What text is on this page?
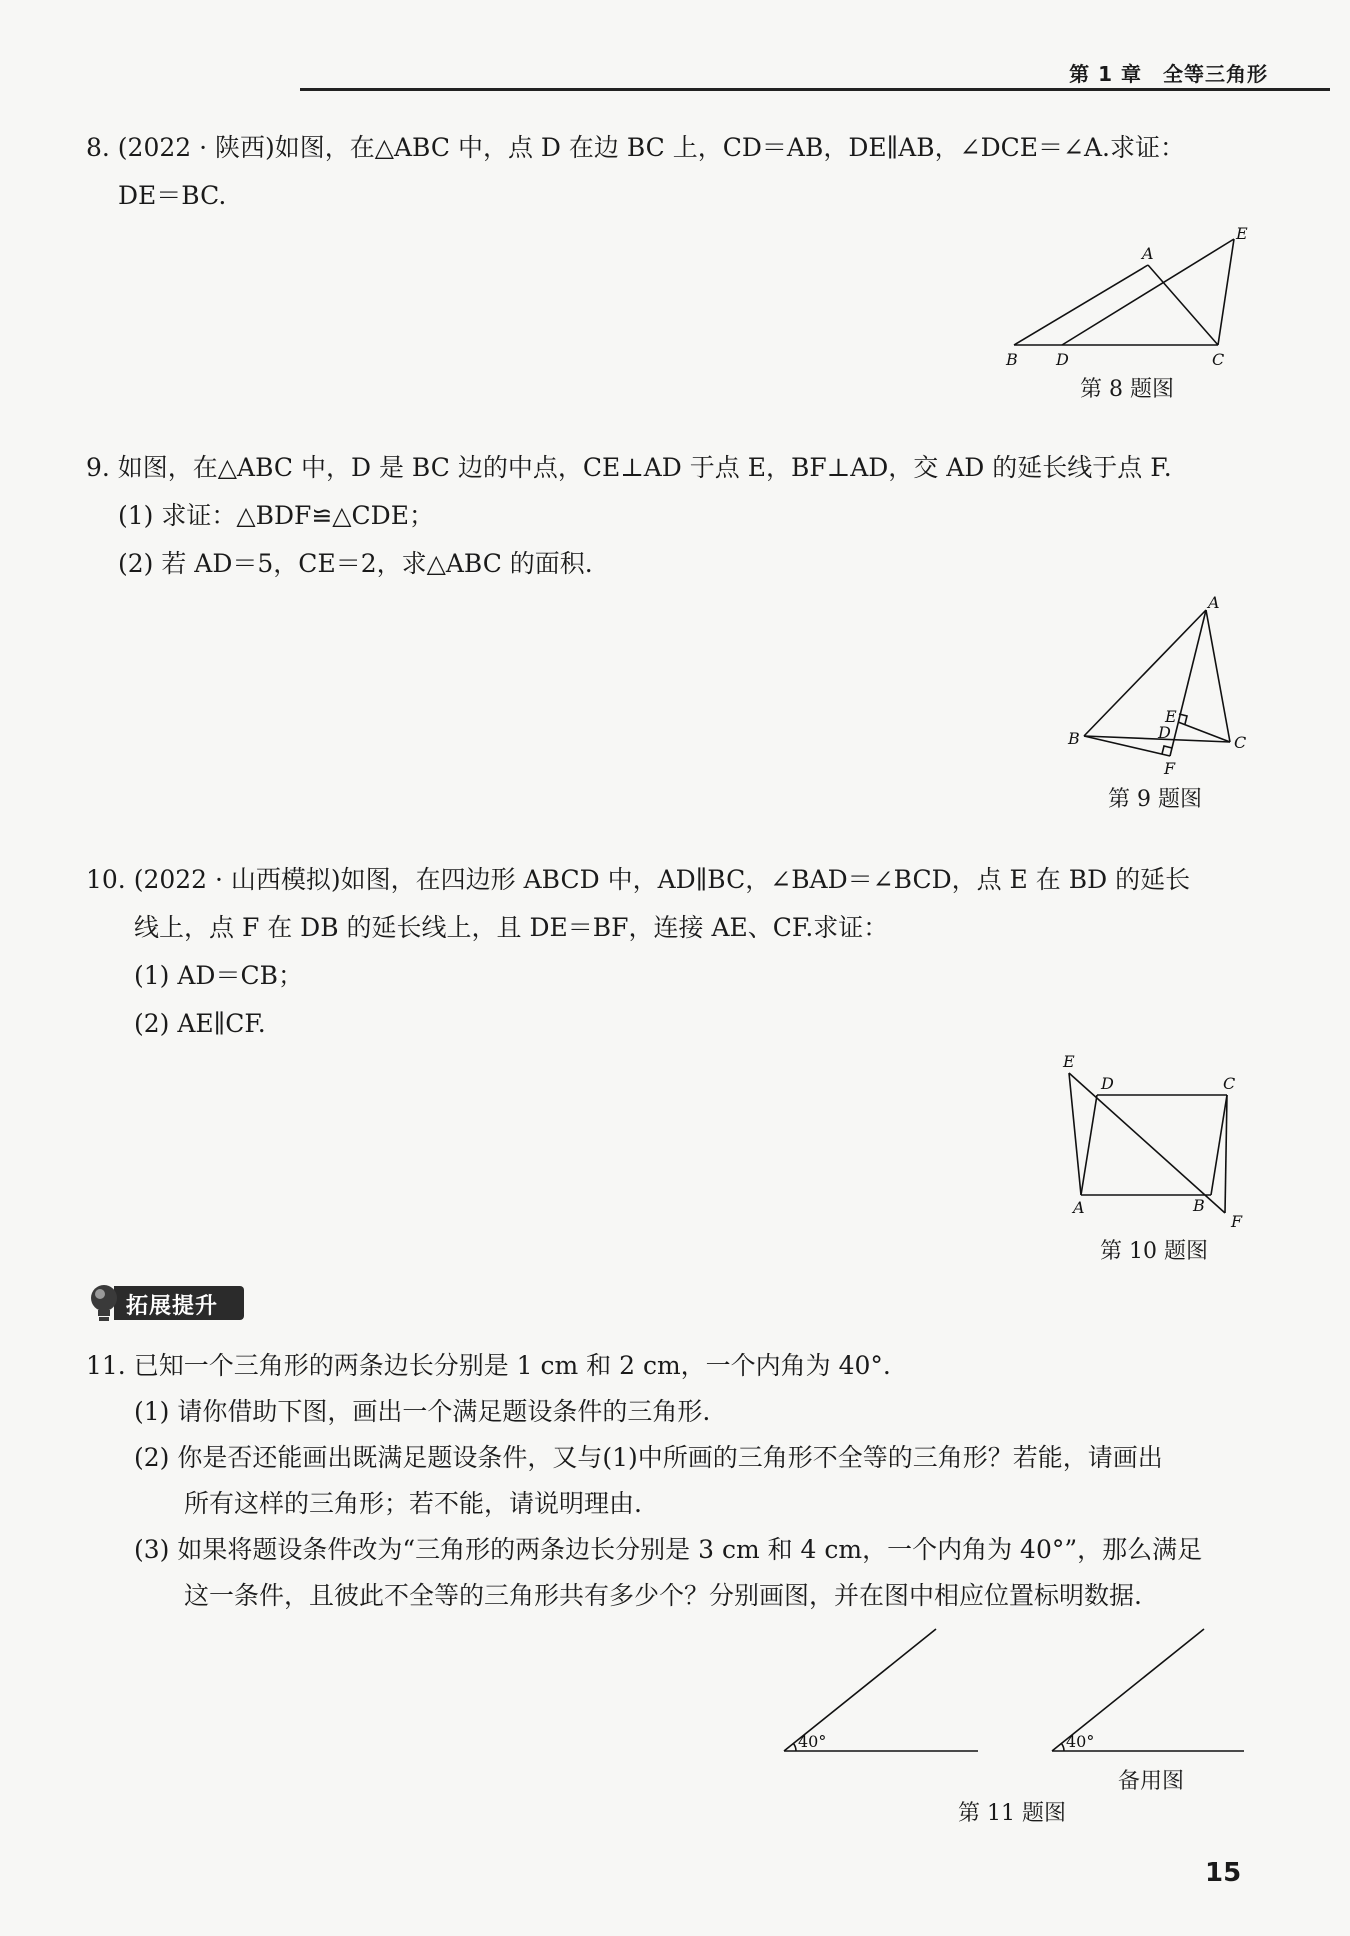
第 1 章　全等三角形
8. (2022 · 陕西)如图，在△ABC 中，点 D 在边 BC 上，CD＝AB，DE∥AB，∠DCE＝∠A.求证：
DE＝BC.
A
E
B D	C
第 8 题图
9. 如图，在△ABC 中，D 是 BC 边的中点，CE⊥AD 于点 E，BF⊥AD，交 AD 的延长线于点 F.
(1) 求证：△BDF≌△CDE；
(2) 若 AD＝5，CE＝2，求△ABC 的面积.
A
B	C
D
E
F
第 9 题图
10. (2022 · 山西模拟)如图，在四边形 ABCD 中，AD∥BC，∠BAD＝∠BCD，点 E 在 BD 的延长
线上，点 F 在 DB 的延长线上，且 DE＝BF，连接 AE、CF.求证：
(1) AD＝CB；
(2) AE∥CF.
E
D	C
A	B
F
第 10 题图
拓展提升
11. 已知一个三角形的两条边长分别是 1 cm 和 2 cm，一个内角为 40°.
(1) 请你借助下图，画出一个满足题设条件的三角形.
(2) 你是否还能画出既满足题设条件，又与(1)中所画的三角形不全等的三角形？若能，请画出
所有这样的三角形；若不能，请说明理由.
(3) 如果将题设条件改为“三角形的两条边长分别是 3 cm 和 4 cm，一个内角为 40°”，那么满足
这一条件，且彼此不全等的三角形共有多少个？分别画图，并在图中相应位置标明数据.
40°	40°
备用图
第 11 题图
15
